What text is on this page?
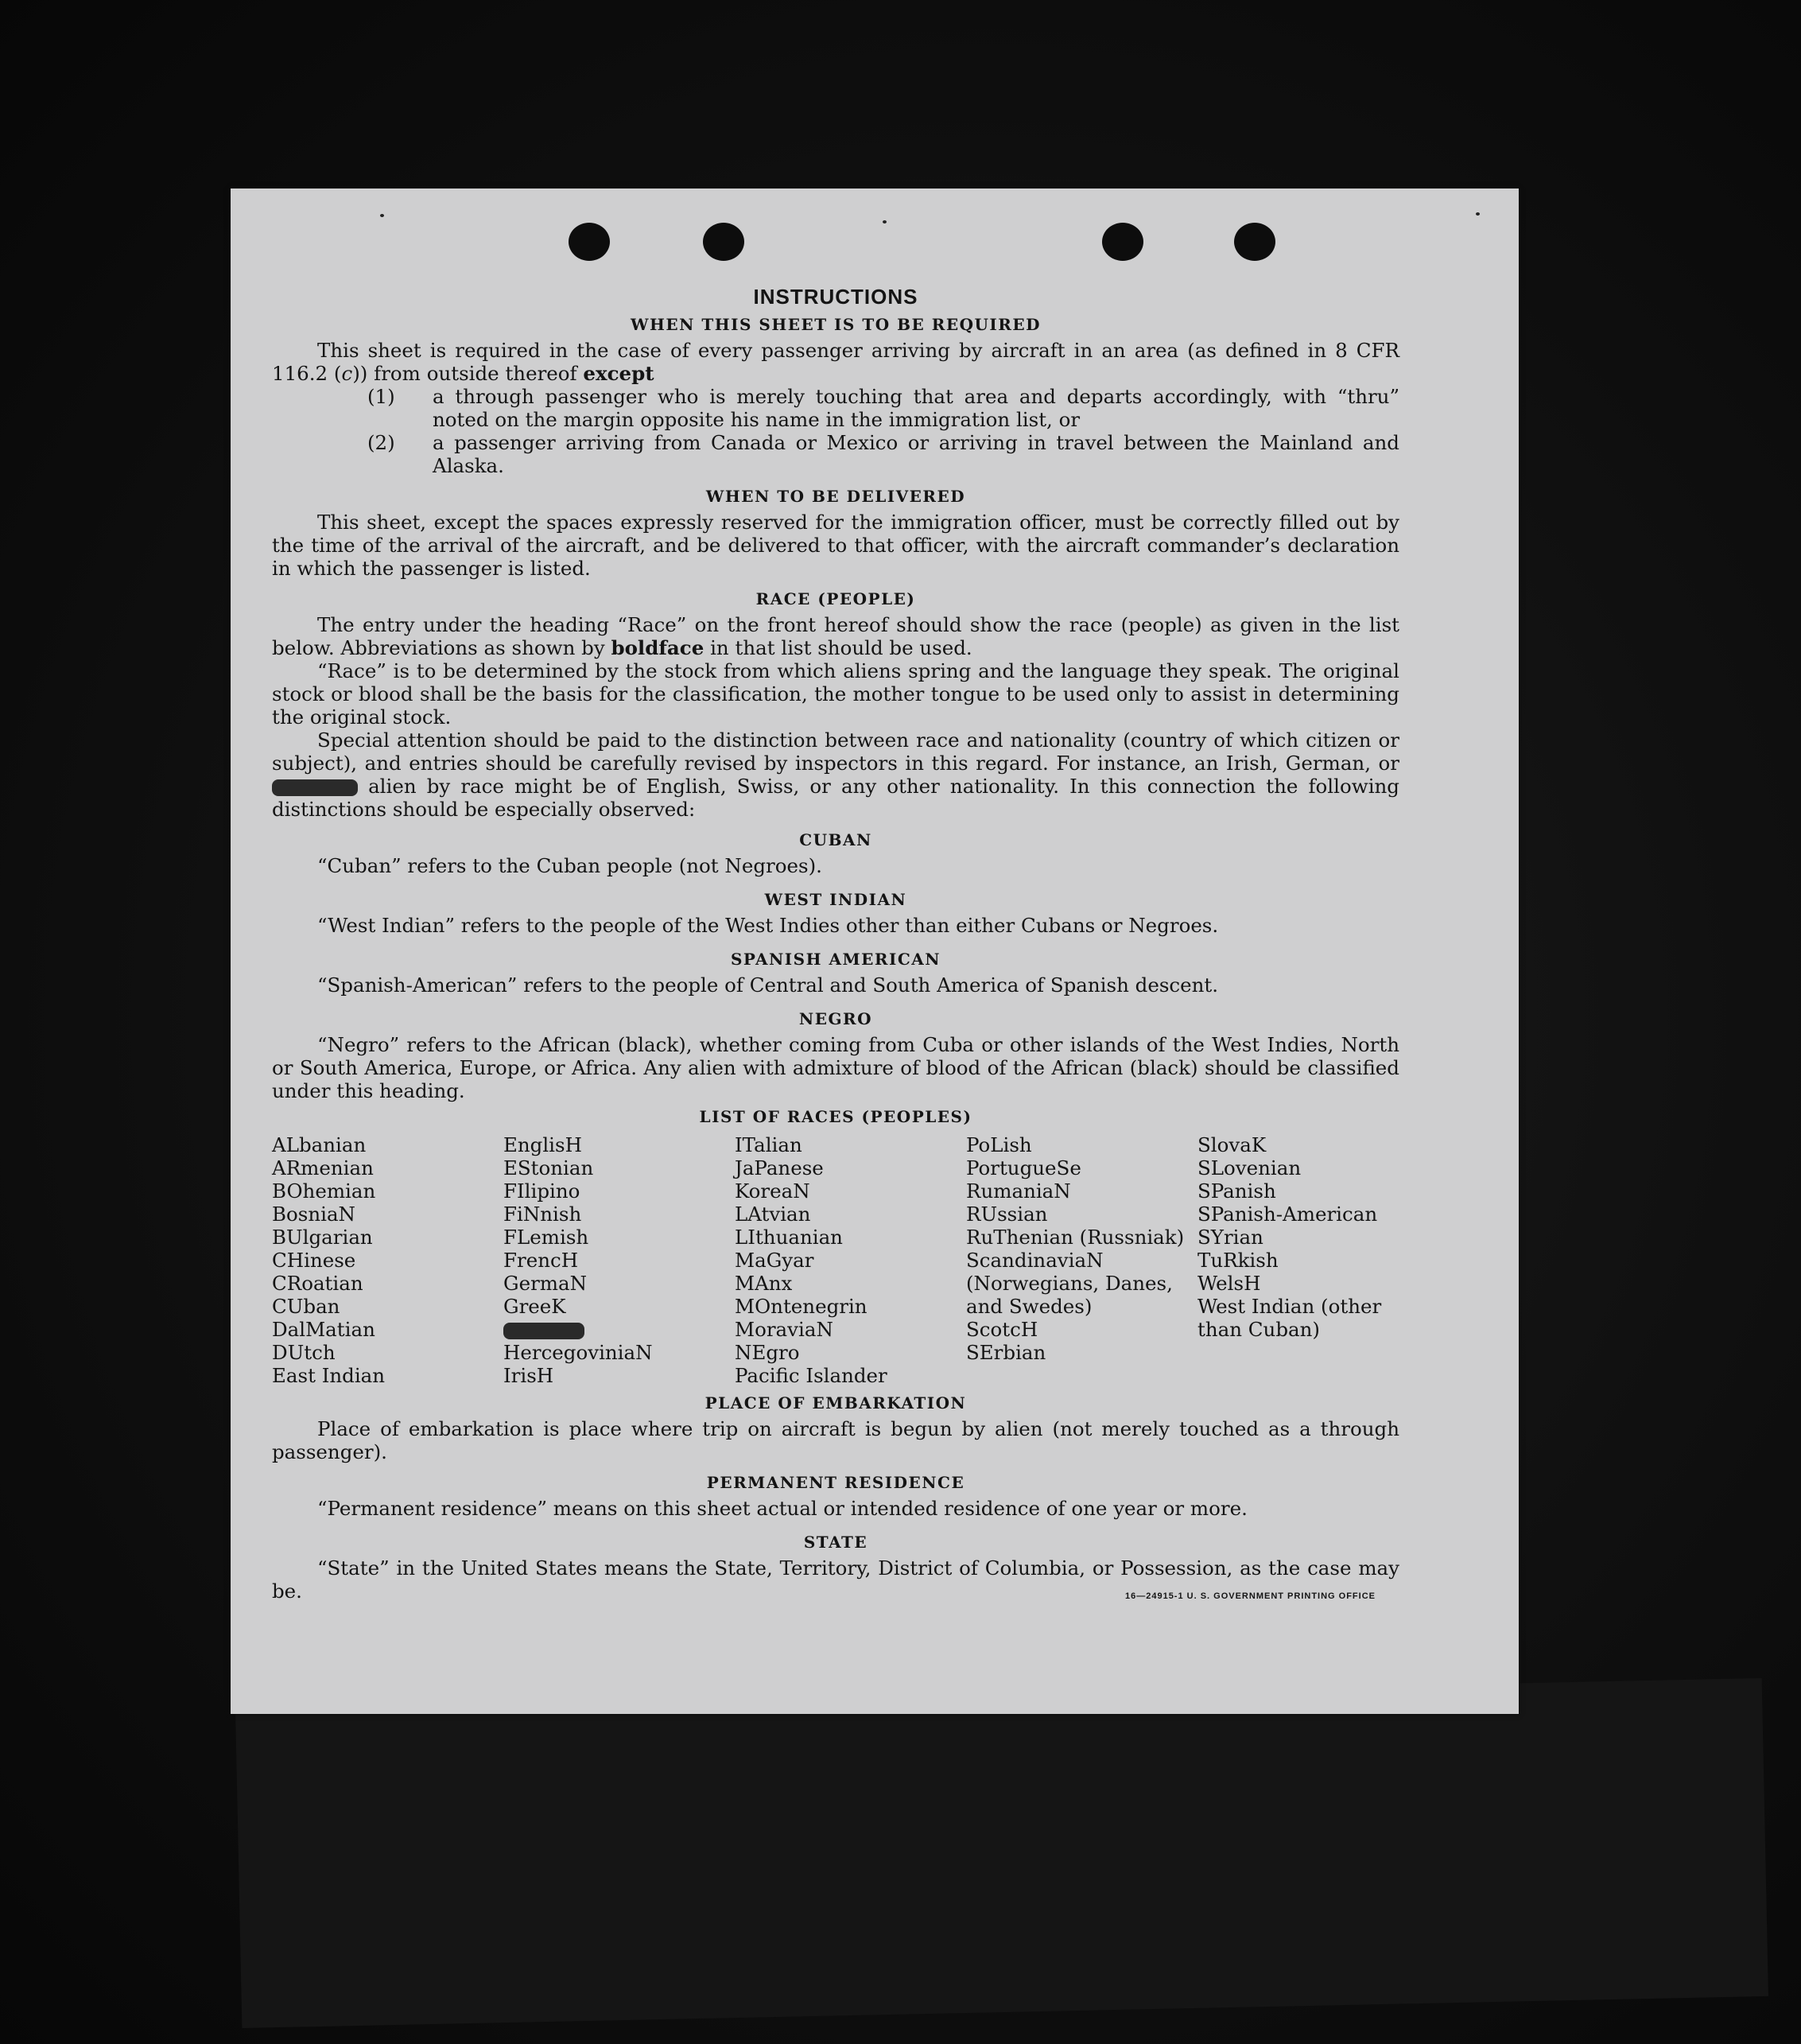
INSTRUCTIONS
WHEN THIS SHEET IS TO BE REQUIRED

This sheet is required in the case of every passenger arriving by aircraft in an area (as defined in 8 CFR 116.2 (c)) from outside thereof except

(1) a through passenger who is merely touching that area and departs accordingly, with “thru” noted on the margin opposite his name in the immigration list, or
(2) a passenger arriving from Canada or Mexico or arriving in travel between the Mainland and Alaska.
WHEN TO BE DELIVERED

This sheet, except the spaces expressly reserved for the immigration officer, must be correctly filled out by the time of the arrival of the aircraft, and be delivered to that officer, with the aircraft commander’s declaration in which the passenger is listed.

RACE (PEOPLE)

The entry under the heading “Race” on the front hereof should show the race (people) as given in the list below. Abbreviations as shown by boldface in that list should be used.

“Race” is to be determined by the stock from which aliens spring and the language they speak. The original stock or blood shall be the basis for the classification, the mother tongue to be used only to assist in determining the original stock.

Special attention should be paid to the distinction between race and nationality (country of which citizen or subject), and entries should be carefully revised by inspectors in this regard. For instance, an Irish, German, or  alien by race might be of English, Swiss, or any other nationality. In this connection the following distinctions should be especially observed:

CUBAN

“Cuban” refers to the Cuban people (not Negroes).

WEST INDIAN

“West Indian” refers to the people of the West Indies other than either Cubans or Negroes.

SPANISH AMERICAN

“Spanish-American” refers to the people of Central and South America of Spanish descent.

NEGRO

“Negro” refers to the African (black), whether coming from Cuba or other islands of the West Indies, North or South America, Europe, or Africa. Any alien with admixture of blood of the African (black) should be classified under this heading.

LIST OF RACES (PEOPLES)
ALbanian
ARmenian
BOhemian
BosniaN
BUlgarian
CHinese
CRoatian
CUban
DalMatian
DUtch
East Indian
EnglisH
EStonian
FIlipino
FiNnish
FLemish
FrencH
GermaN
GreeK
HercegoviniaN
IrisH
ITalian
JaPanese
KoreaN
LAtvian
LIthuanian
MaGyar
MAnx
MOntenegrin
MoraviaN
NEgro
Pacific Islander
PoLish
PortugueSe
RumaniaN
RUssian
RuThenian (Russniak)
ScandinaviaN (Norwegians, Danes, and Swedes)
ScotcH
SErbian
SlovaK
SLovenian
SPanish
SPanish-American
SYrian
TuRkish
WelsH
West Indian (other than Cuban)
PLACE OF EMBARKATION

Place of embarkation is place where trip on aircraft is begun by alien (not merely touched as a through passenger).

PERMANENT RESIDENCE

“Permanent residence” means on this sheet actual or intended residence of one year or more.

STATE

“State” in the United States means the State, Territory, District of Columbia, or Possession, as the case may be.	16—24915-1 U. S. GOVERNMENT PRINTING OFFICE
